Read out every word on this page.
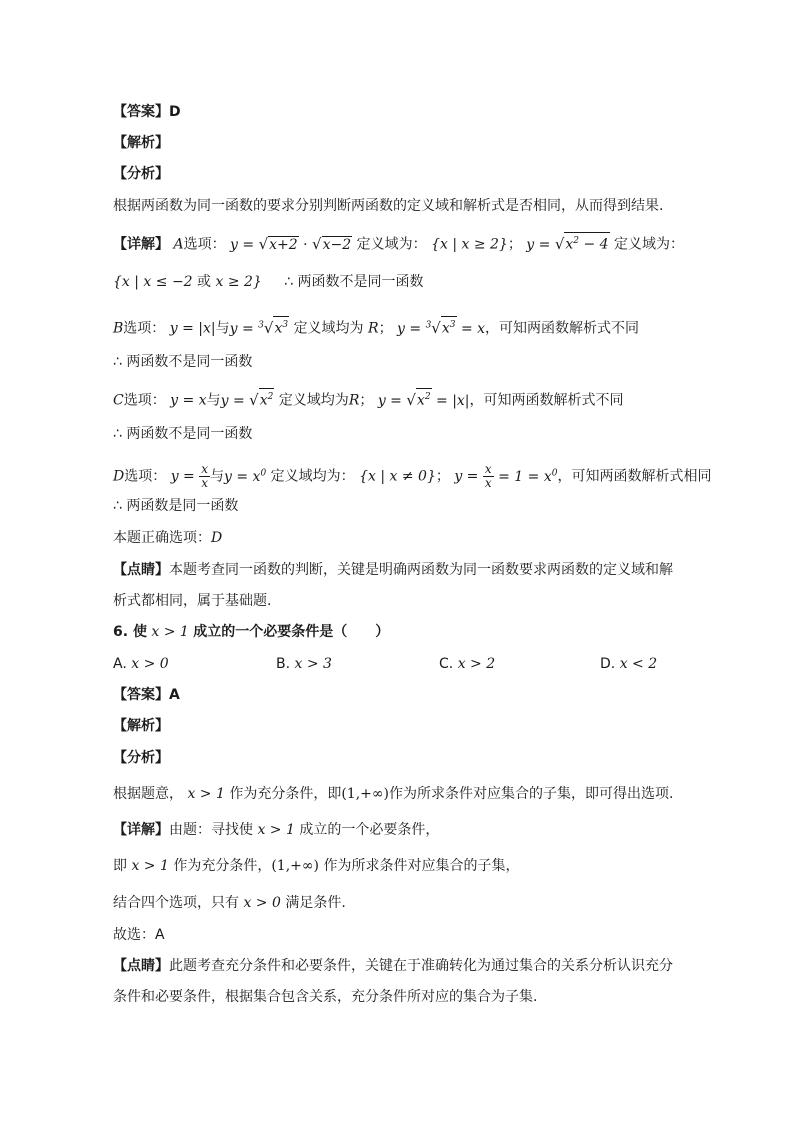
【答案】D
【解析】
【分析】
根据两函数为同一函数的要求分别判断两函数的定义域和解析式是否相同，从而得到结果.
【详解】 A选项： y = √x+2 · √x−2 定义域为： {x | x ≥ 2}； $y = √x^2 - 4$ 定义域为：
{x | x ≤ −2 或 x ≥ 2} ∴ 两函数不是同一函数
B选项： y = |x|与$y = ^3√x^3$ 定义域均为 R； $y = ^3√x^3 = x$，可知两函数解析式不同
∴ 两函数不是同一函数
C选项： y = x与$y = √x^2$ 定义域均为R； $y = √x^2 = |x|$，可知两函数解析式不同
∴ 两函数不是同一函数
D选项： $y = \frac{x}{x}$ 与$y = x^0$ 定义域均为： {x | x ≠ 0}； $y = \frac{x}{x} = 1 = x^0$，可知两函数解析式相同
∴ 两函数是同一函数
本题正确选项：D
【点睛】本题考查同一函数的判断，关键是明确两函数为同一函数要求两函数的定义域和解
析式都相同，属于基础题.
6. 使 x > 1 成立的一个必要条件是（　　）
A. x > 0	B. x > 3	C. x > 2	D. x < 2
【答案】A
【解析】
【分析】
根据题意， x > 1 作为充分条件，即(1,+∞)作为所求条件对应集合的子集，即可得出选项.
【详解】由题：寻找使 x > 1 成立的一个必要条件，
即 x > 1 作为充分条件，(1,+∞) 作为所求条件对应集合的子集，
结合四个选项，只有 x > 0 满足条件.
故选：A
【点睛】此题考查充分条件和必要条件，关键在于准确转化为通过集合的关系分析认识充分
条件和必要条件，根据集合包含关系，充分条件所对应的集合为子集.
